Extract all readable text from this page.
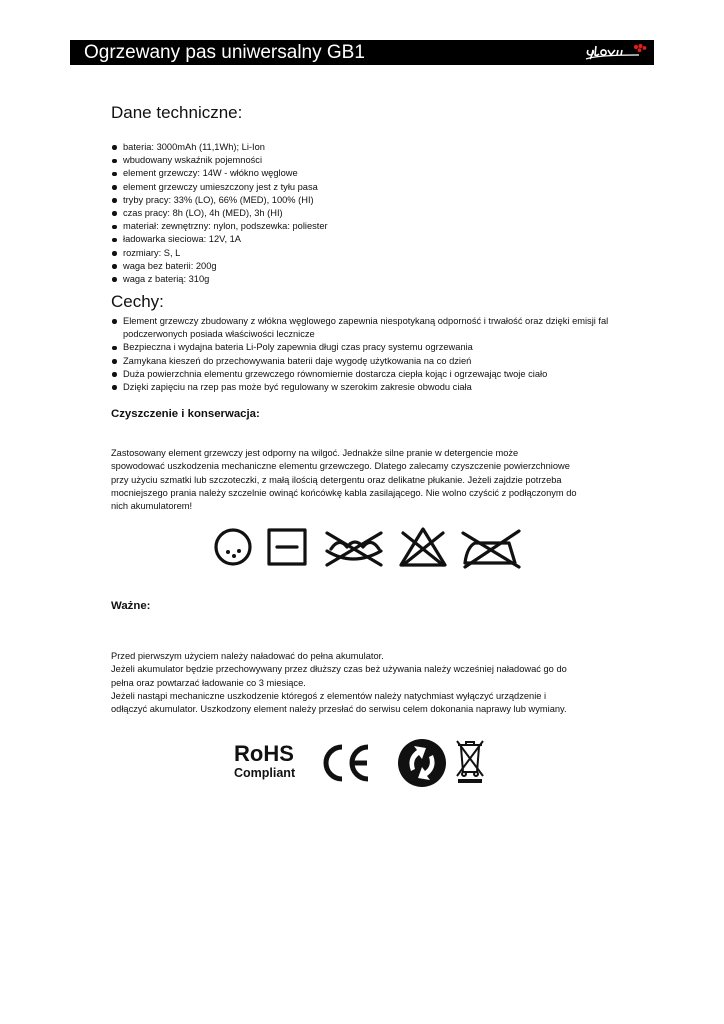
Ogrzewany pas uniwersalny GB1
Dane techniczne:
bateria: 3000mAh (11,1Wh); Li-Ion
wbudowany wskaźnik pojemności
element grzewczy: 14W - włókno węglowe
element grzewczy umieszczony jest z tyłu pasa
tryby pracy: 33% (LO), 66% (MED), 100% (HI)
czas pracy: 8h (LO), 4h (MED), 3h (HI)
materiał: zewnętrzny: nylon, podszewka: poliester
ładowarka sieciowa: 12V, 1A
rozmiary: S, L
waga bez baterii: 200g
waga z baterią: 310g
Cechy:
Element grzewczy zbudowany z włókna węglowego zapewnia niespotykaną odporność i trwałość oraz dzięki emisji fal podczerwonych posiada właściwości lecznicze
Bezpieczna i wydajna bateria Li-Poly zapewnia długi czas pracy systemu ogrzewania
Zamykana kieszeń do przechowywania baterii daje wygodę użytkowania na co dzień
Duża powierzchnia elementu grzewczego równomiernie dostarcza ciepła kojąc i ogrzewając twoje ciało
Dzięki zapięciu na rzep pas może być regulowany w szerokim zakresie obwodu ciała
Czyszczenie i konserwacja:

Zastosowany element grzewczy jest odporny na wilgoć. Jednakże silne pranie w detergencie może
spowodować uszkodzenia mechaniczne elementu grzewczego. Dlatego zalecamy czyszczenie powierzchniowe
przy użyciu szmatki lub szczoteczki, z małą ilością detergentu oraz delikatne płukanie. Jeżeli zajdzie potrzeba
mocniejszego prania należy szczelnie owinąć końcówkę kabla zasilającego. Nie wolno czyścić z podłączonym do
nich akumulatorem!

Ważne:

Przed pierwszym użyciem należy naładować do pełna akumulator.
Jeżeli akumulator będzie przechowywany przez dłuższy czas beż używania należy wcześniej naładować go do
pełna oraz powtarzać ładowanie co 3 miesiące.
Jeżeli nastąpi mechaniczne uszkodzenie któregoś z elementów należy natychmiast wyłączyć urządzenie i
odłączyć akumulator. Uszkodzony element należy przesłać do serwisu celem dokonania naprawy lub wymiany.

RoHS
Compliant
